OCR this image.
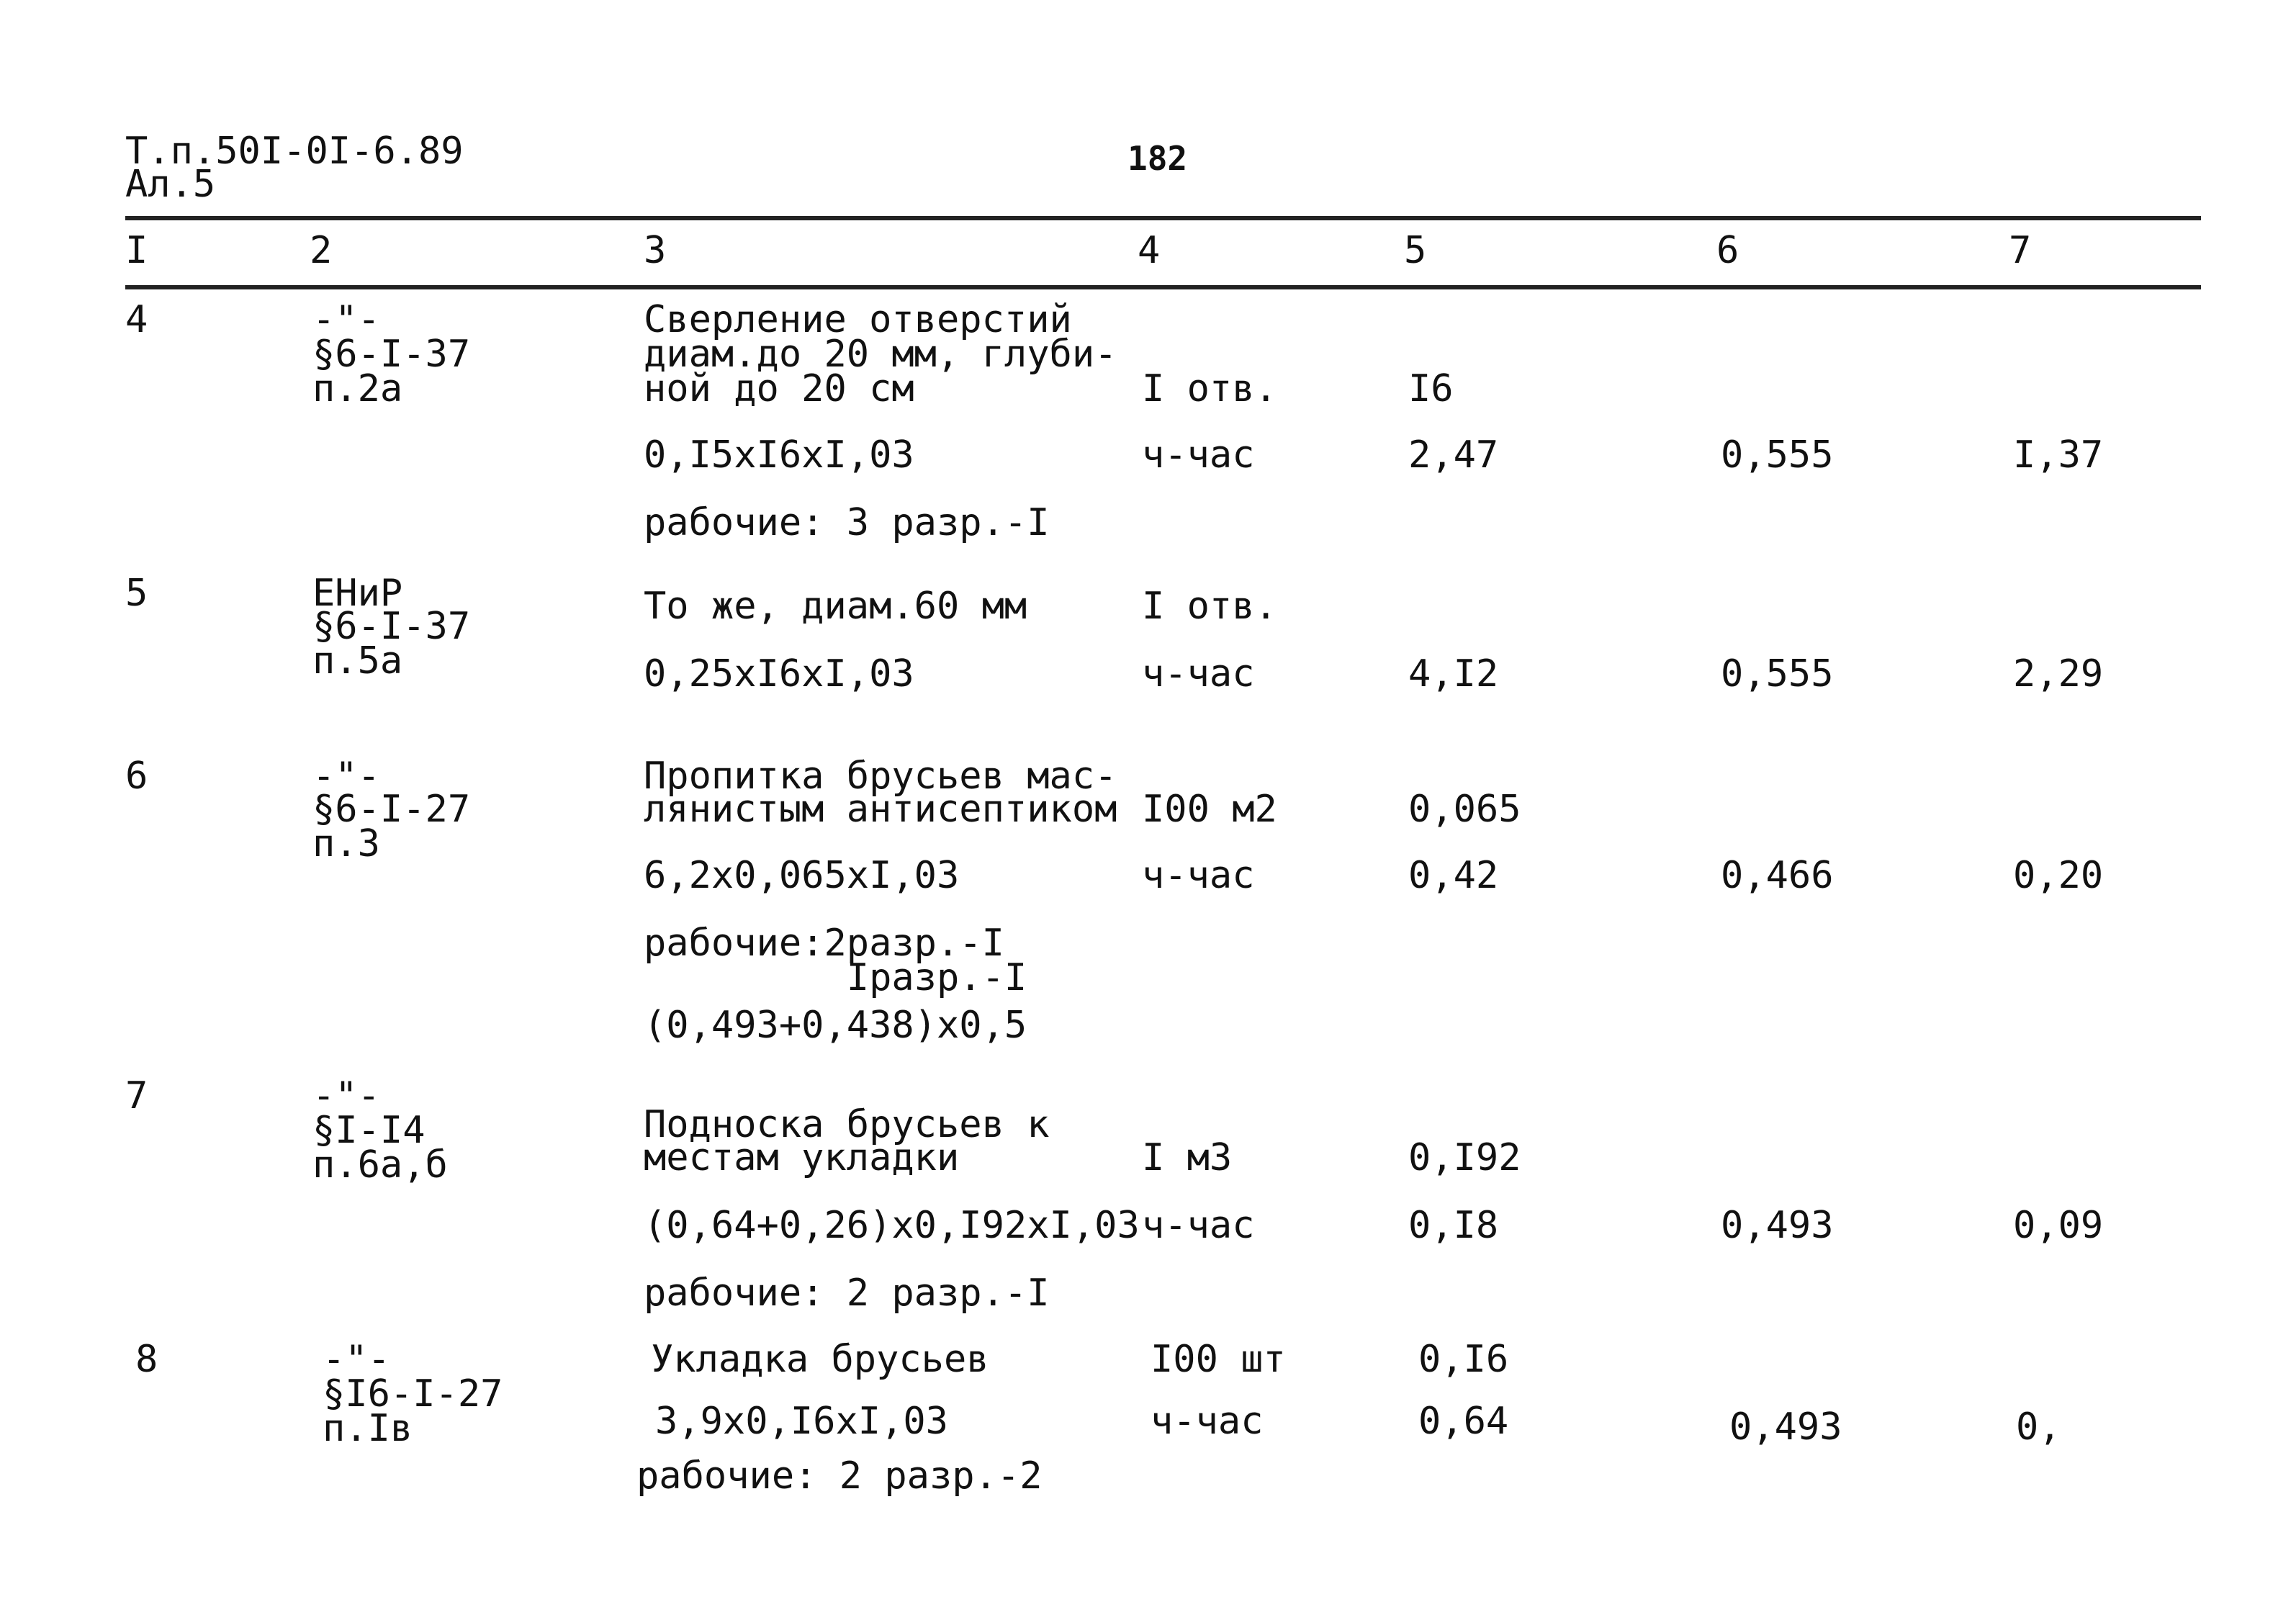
Т.п.50I-0I-6.89
Ал.5
182
I	2	3	4	5	6	7
4	-"-
§6-I-37
п.2а
Сверление отверстий
диам.до 20 мм, глуби-
ной до 20 см	I отв.	I6
0,I5xI6xI,03	ч-час	2,47	0,555	I,37
рабочие: 3 разр.-I
5	ЕНиР
§6-I-37
п.5а
То же, диам.60 мм	I отв.
0,25xI6xI,03	ч-час	4,I2	0,555	2,29
6	-"-
§6-I-27
п.3
Пропитка брусьев мас-
лянистым антисептиком I00 м2	0,065
6,2x0,065xI,03	ч-час	0,42	0,466	0,20
рабочие:2разр.-I
Iразр.-I
(0,493+0,438)x0,5
7	-"-
§I-I4
п.6а,б
Подноска брусьев к
местам укладки	I м3	0,I92
(0,64+0,26)x0,I92xI,03 ч-час	0,I8	0,493	0,09
рабочие: 2 разр.-I
8	-"-
§I6-I-27
п.Iв
Укладка брусьев	I00 шт	0,I6
3,9x0,I6xI,03	ч-час	0,64	0,493	0,
рабочие: 2 разр.-2
